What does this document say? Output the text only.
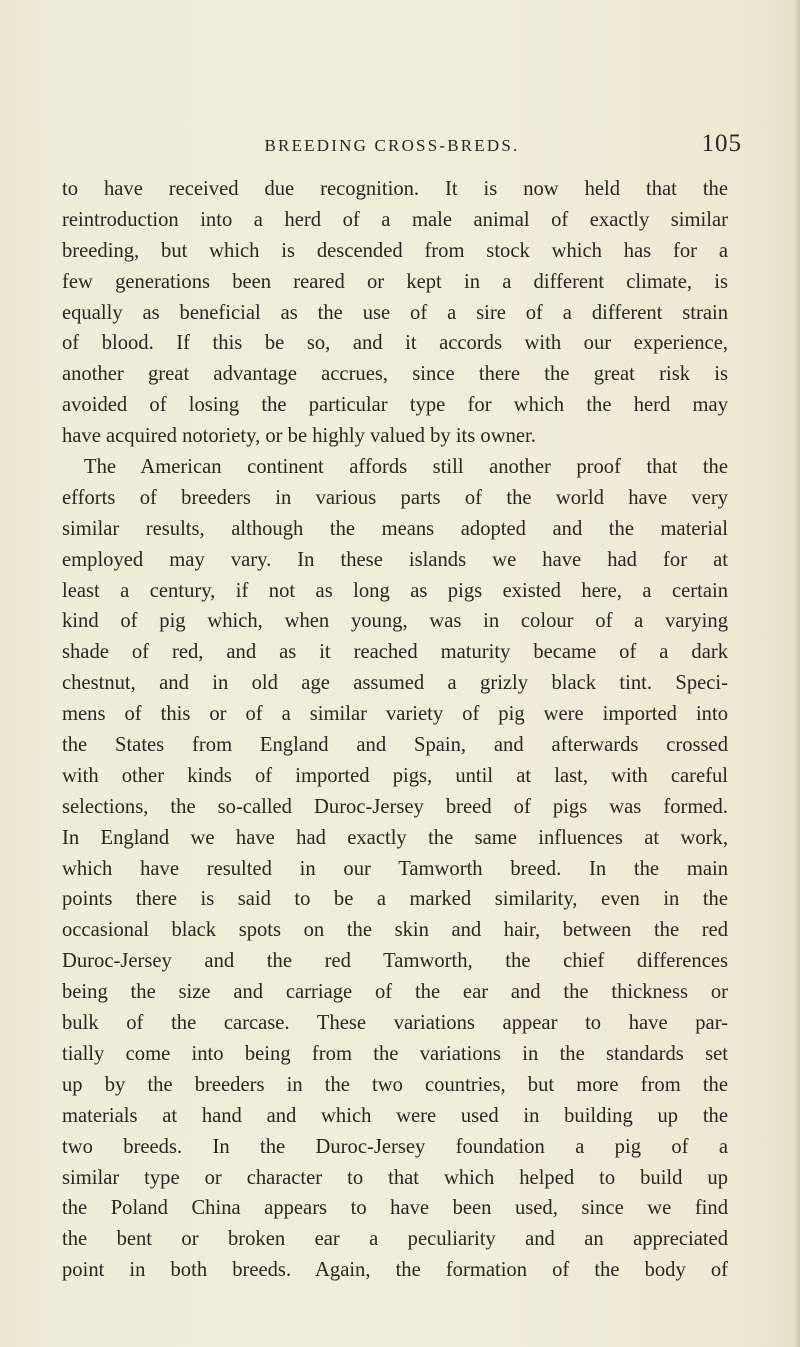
BREEDING CROSS-BREDS.	105
to have received due recognition. It is now held that the
reintroduction into a herd of a male animal of exactly similar
breeding, but which is descended from stock which has for a
few generations been reared or kept in a different climate, is
equally as beneficial as the use of a sire of a different strain
of blood. If this be so, and it accords with our experience,
another great advantage accrues, since there the great risk is
avoided of losing the particular type for which the herd may
have acquired notoriety, or be highly valued by its owner.
The American continent affords still another proof that the
efforts of breeders in various parts of the world have very
similar results, although the means adopted and the material
employed may vary. In these islands we have had for at
least a century, if not as long as pigs existed here, a certain
kind of pig which, when young, was in colour of a varying
shade of red, and as it reached maturity became of a dark
chestnut, and in old age assumed a grizly black tint. Speci-
mens of this or of a similar variety of pig were imported into
the States from England and Spain, and afterwards crossed
with other kinds of imported pigs, until at last, with careful
selections, the so-called Duroc-Jersey breed of pigs was formed.
In England we have had exactly the same influences at work,
which have resulted in our Tamworth breed. In the main
points there is said to be a marked similarity, even in the
occasional black spots on the skin and hair, between the red
Duroc-Jersey and the red Tamworth, the chief differences
being the size and carriage of the ear and the thickness or
bulk of the carcase. These variations appear to have par-
tially come into being from the variations in the standards set
up by the breeders in the two countries, but more from the
materials at hand and which were used in building up the
two breeds. In the Duroc-Jersey foundation a pig of a
similar type or character to that which helped to build up
the Poland China appears to have been used, since we find
the bent or broken ear a peculiarity and an appreciated
point in both breeds. Again, the formation of the body of
